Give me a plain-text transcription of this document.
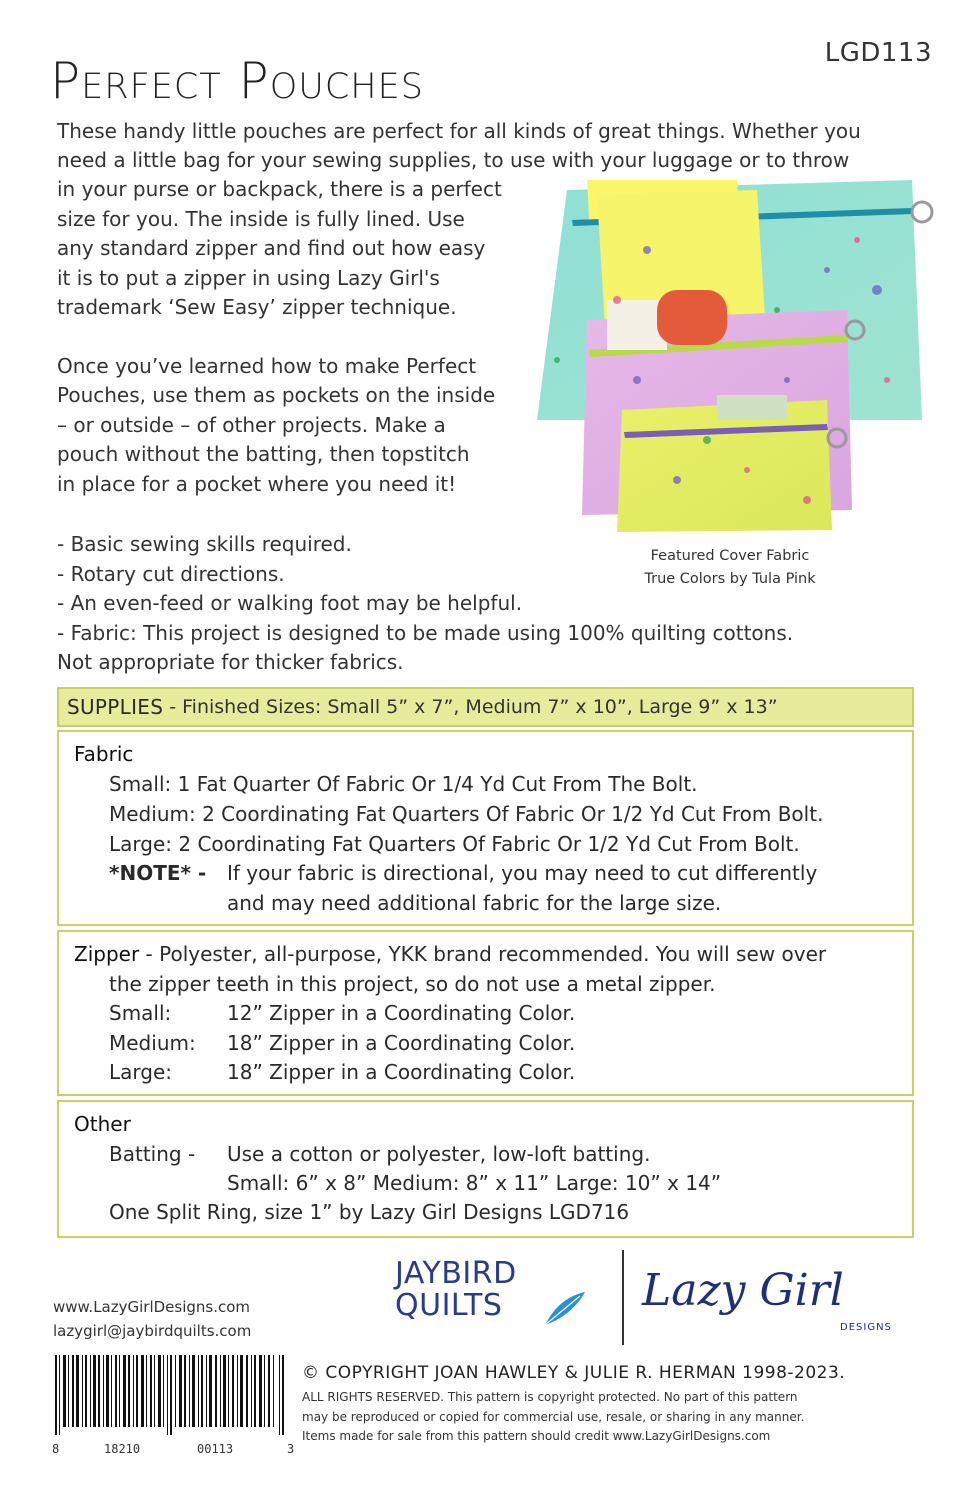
LGD113
Perfect Pouches

These handy little pouches are perfect for all kinds of great things. Whether you

need a little bag for your sewing supplies, to use with your luggage or to throw

in your purse or backpack, there is a perfect

size for you. The inside is fully lined. Use

any standard zipper and find out how easy

it is to put a zipper in using Lazy Girl's

trademark ‘Sew Easy’ zipper technique.

Once you’ve learned how to make Perfect

Pouches, use them as pockets on the inside

– or outside – of other projects. Make a

pouch without the batting, then topstitch

in place for a pocket where you need it!

Featured Cover Fabric
True Colors by Tula Pink
- Basic sewing skills required.
- Rotary cut directions.
- An even-feed or walking foot may be helpful.
- Fabric: This project is designed to be made using 100% quilting cottons.
Not appropriate for thicker fabrics.
SUPPLIES - Finished Sizes: Small 5” x 7”, Medium 7” x 10”, Large 9” x 13”
Fabric
Small: 1 Fat Quarter Of Fabric Or 1/4 Yd Cut From The Bolt.
Medium: 2 Coordinating Fat Quarters Of Fabric Or 1/2 Yd Cut From Bolt.
Large: 2 Coordinating Fat Quarters Of Fabric Or 1/2 Yd Cut From Bolt.
*NOTE* - If your fabric is directional, you may need to cut differently
and may need additional fabric for the large size.
Zipper - Polyester, all-purpose, YKK brand recommended. You will sew over
the zipper teeth in this project, so do not use a metal zipper.
Small:	12” Zipper in a Coordinating Color.
Medium: 18” Zipper in a Coordinating Color.
Large:	18” Zipper in a Coordinating Color.
Other
Batting - Use a cotton or polyester, low-loft batting.
Small: 6” x 8” Medium: 8” x 11” Large: 10” x 14”
One Split Ring, size 1” by Lazy Girl Designs LGD716
JAYBIRD
QUILTS	Lazy Girl
DESIGNS
www.LazyGirlDesigns.com
lazygirl@jaybirdquilts.com
8	18210	00113	3
© COPYRIGHT JOAN HAWLEY & JULIE R. HERMAN 1998-2023.
ALL RIGHTS RESERVED. This pattern is copyright protected. No part of this pattern
may be reproduced or copied for commercial use, resale, or sharing in any manner.
Items made for sale from this pattern should credit www.LazyGirlDesigns.com
